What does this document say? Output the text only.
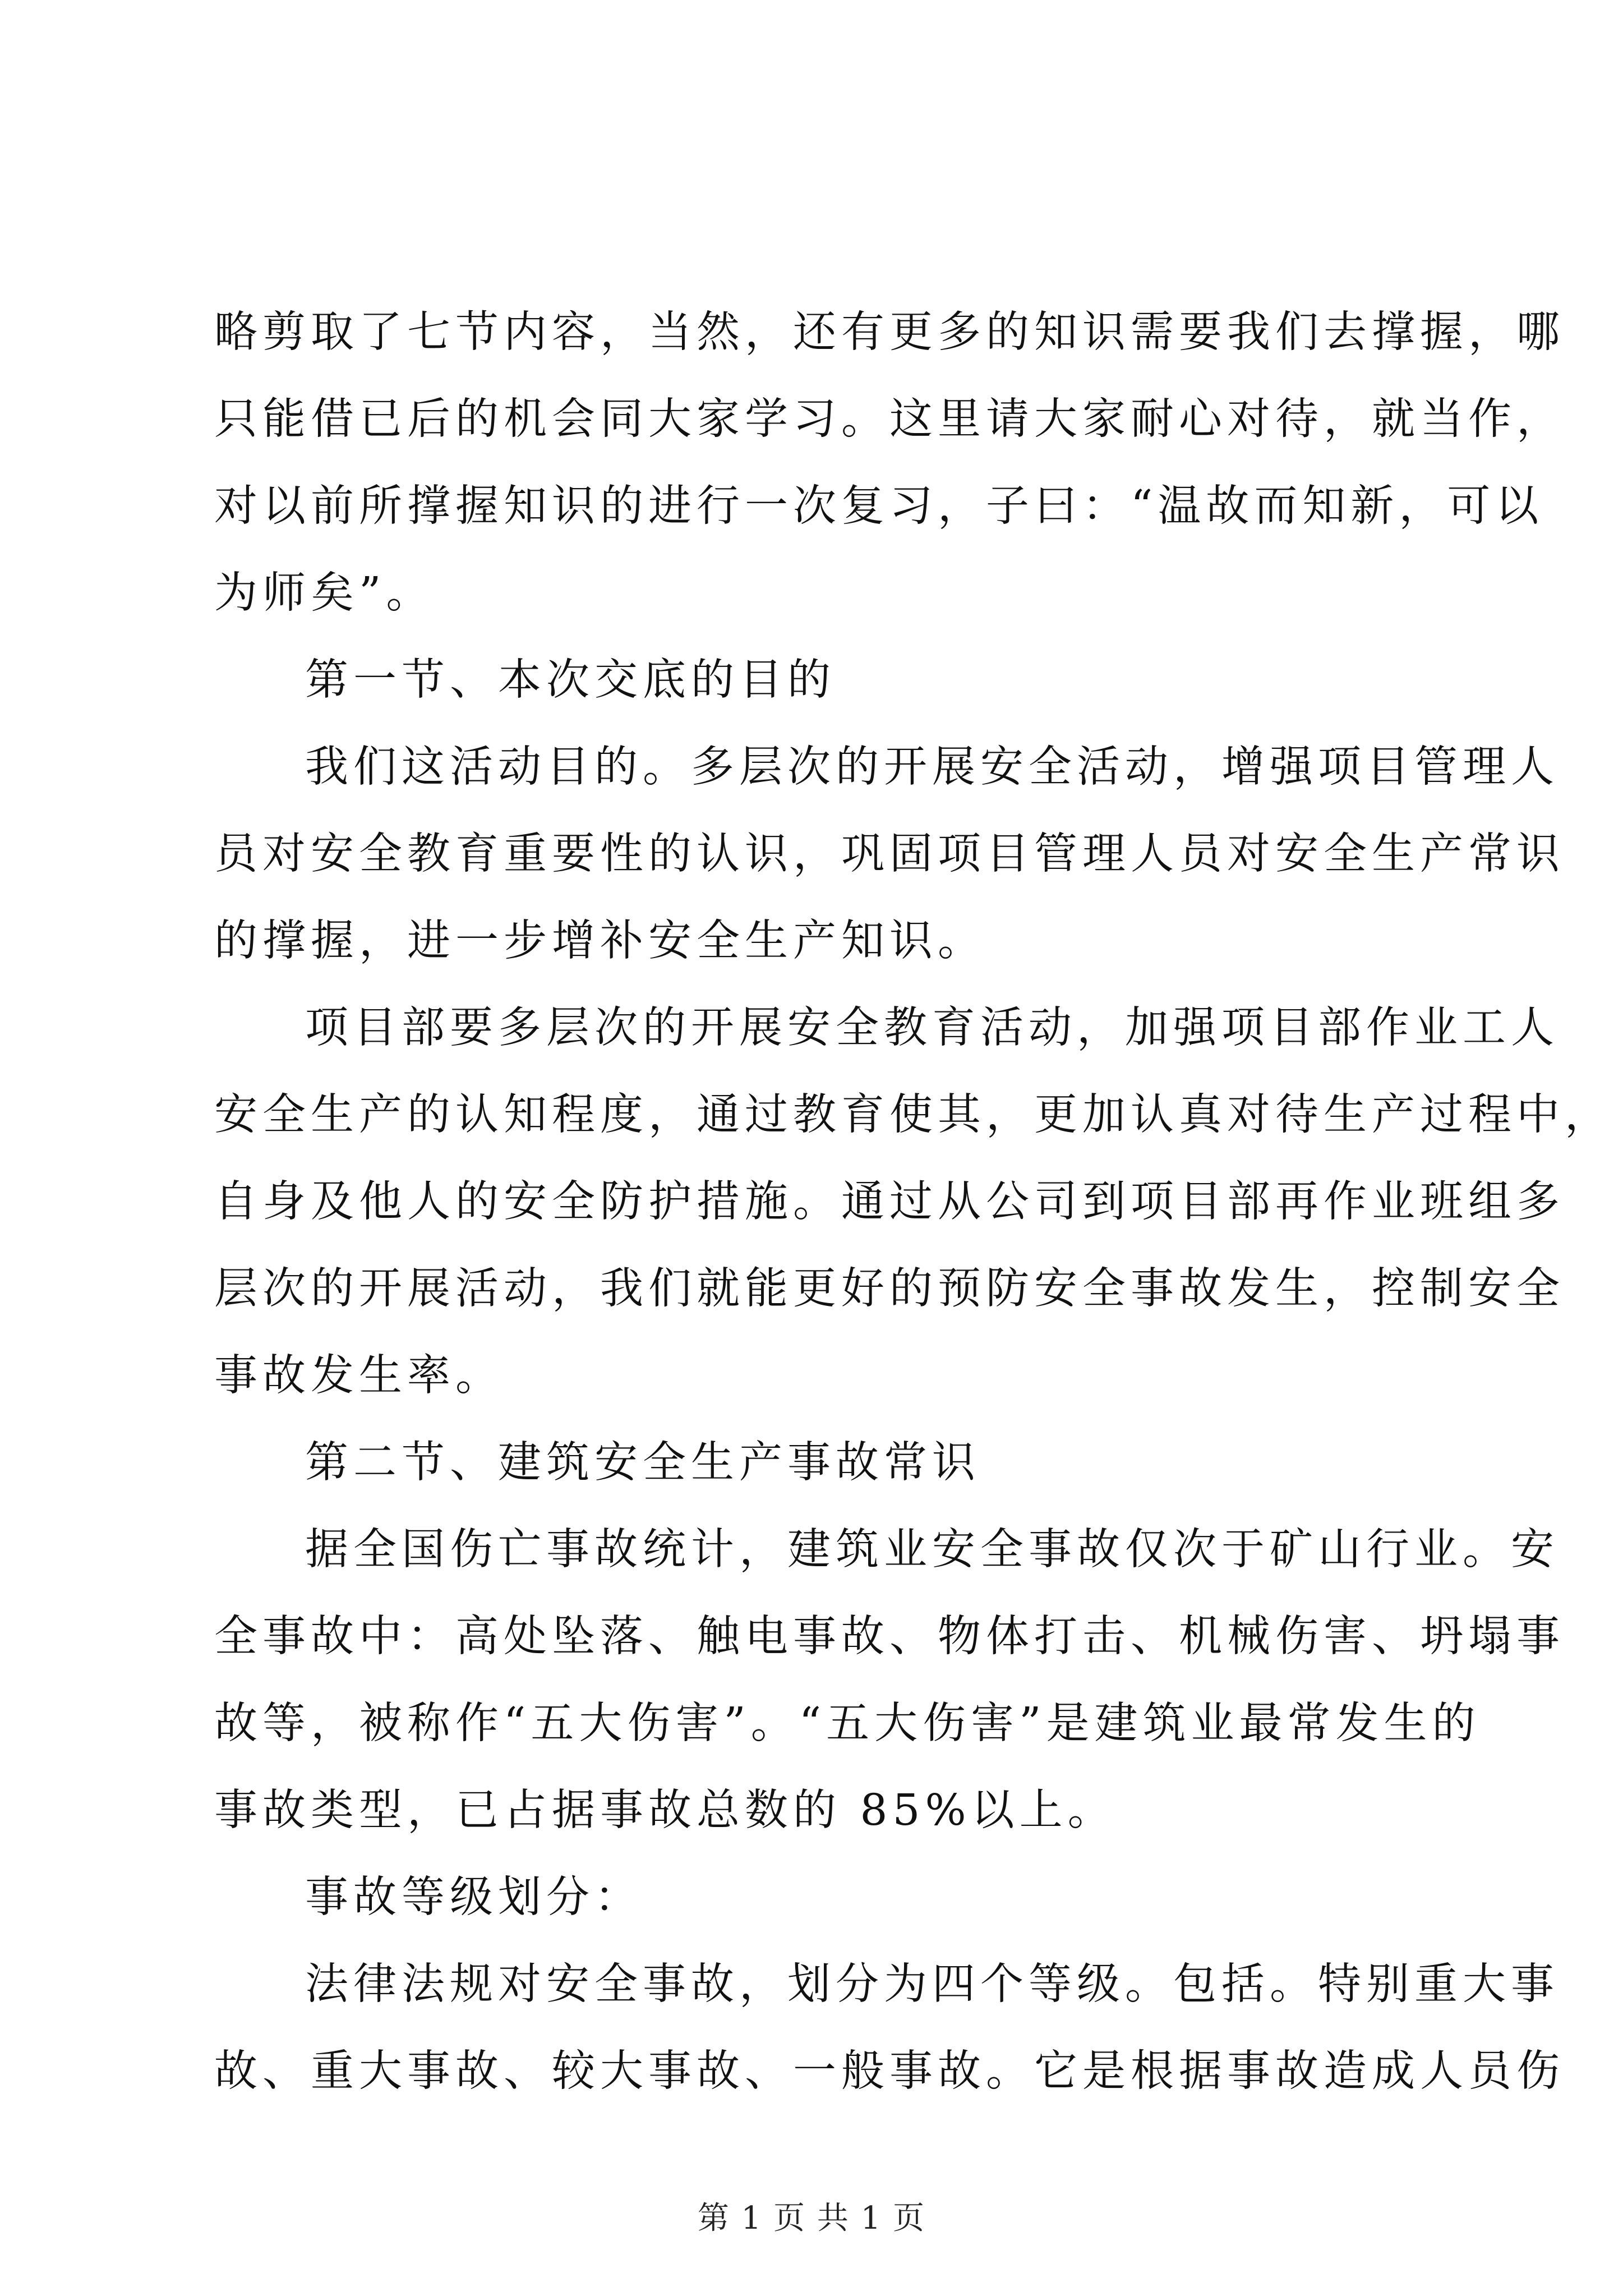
略剪取了七节内容，当然，还有更多的知识需要我们去撑握，哪
只能借已后的机会同大家学习。这里请大家耐心对待，就当作，
对以前所撑握知识的进行一次复习，子曰：“温故而知新，可以
为师矣”。
第一节、本次交底的目的
我们这活动目的。多层次的开展安全活动，增强项目管理人
员对安全教育重要性的认识，巩固项目管理人员对安全生产常识
的撑握，进一步增补安全生产知识。
项目部要多层次的开展安全教育活动，加强项目部作业工人
安全生产的认知程度，通过教育使其，更加认真对待生产过程中，
自身及他人的安全防护措施。通过从公司到项目部再作业班组多
层次的开展活动，我们就能更好的预防安全事故发生，控制安全
事故发生率。
第二节、建筑安全生产事故常识
据全国伤亡事故统计，建筑业安全事故仅次于矿山行业。安
全事故中：高处坠落、触电事故、物体打击、机械伤害、坍塌事
故等，被称作“五大伤害”。“五大伤害”是建筑业最常发生的
事故类型，已占据事故总数的 85%以上。
事故等级划分：
法律法规对安全事故，划分为四个等级。包括。特别重大事
故、重大事故、较大事故、一般事故。它是根据事故造成人员伤
第 1 页 共 1 页
